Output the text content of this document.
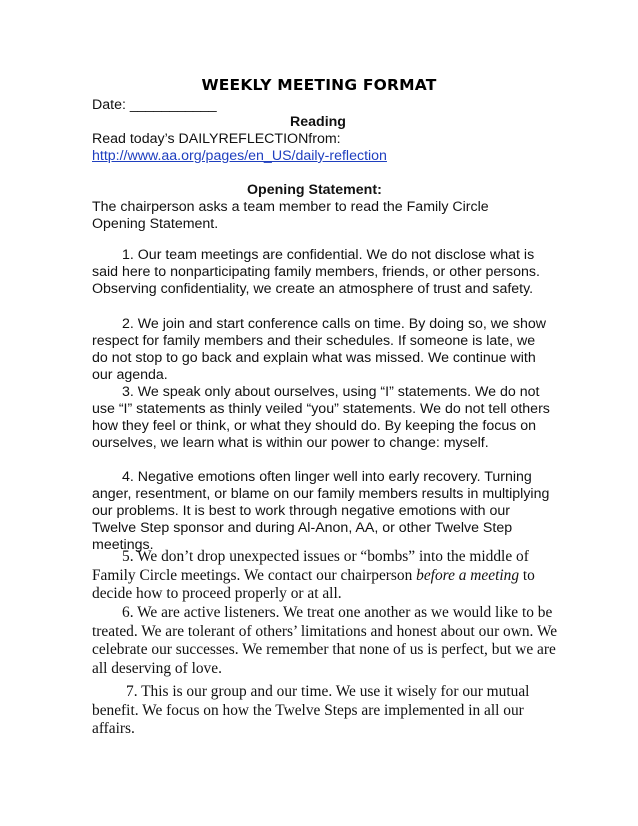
WEEKLY MEETING FORMAT

Date: ___________

Reading

Read today’s DAILYREFLECTIONfrom:

http://www.aa.org/pages/en_US/daily-reflection

Opening Statement:

The chairperson asks a team member to read the Family Circle Opening Statement.

1. Our team meetings are confidential. We do not disclose what is said here to nonparticipating family members, friends, or other persons. Observing confidentiality, we create an atmosphere of trust and safety.

2. We join and start conference calls on time. By doing so, we show respect for family members and their schedules. If someone is late, we do not stop to go back and explain what was missed. We continue with our agenda.

3. We speak only about ourselves, using “I” statements. We do not use “I” statements as thinly veiled “you” statements. We do not tell others how they feel or think, or what they should do. By keeping the focus on ourselves, we learn what is within our power to change: myself.

4. Negative emotions often linger well into early recovery. Turning anger, resentment, or blame on our family members results in multiplying our problems. It is best to work through negative emotions with our Twelve Step sponsor and during Al-Anon, AA, or other Twelve Step meetings.

5. We don’t drop unexpected issues or “bombs” into the middle of Family Circle meetings. We contact our chairperson before a meeting to decide how to proceed properly or at all.

6. We are active listeners. We treat one another as we would like to be treated. We are tolerant of others’ limitations and honest about our own. We celebrate our successes. We remember that none of us is perfect, but we are all deserving of love.

7. This is our group and our time. We use it wisely for our mutual benefit. We focus on how the Twelve Steps are implemented in all our affairs.
